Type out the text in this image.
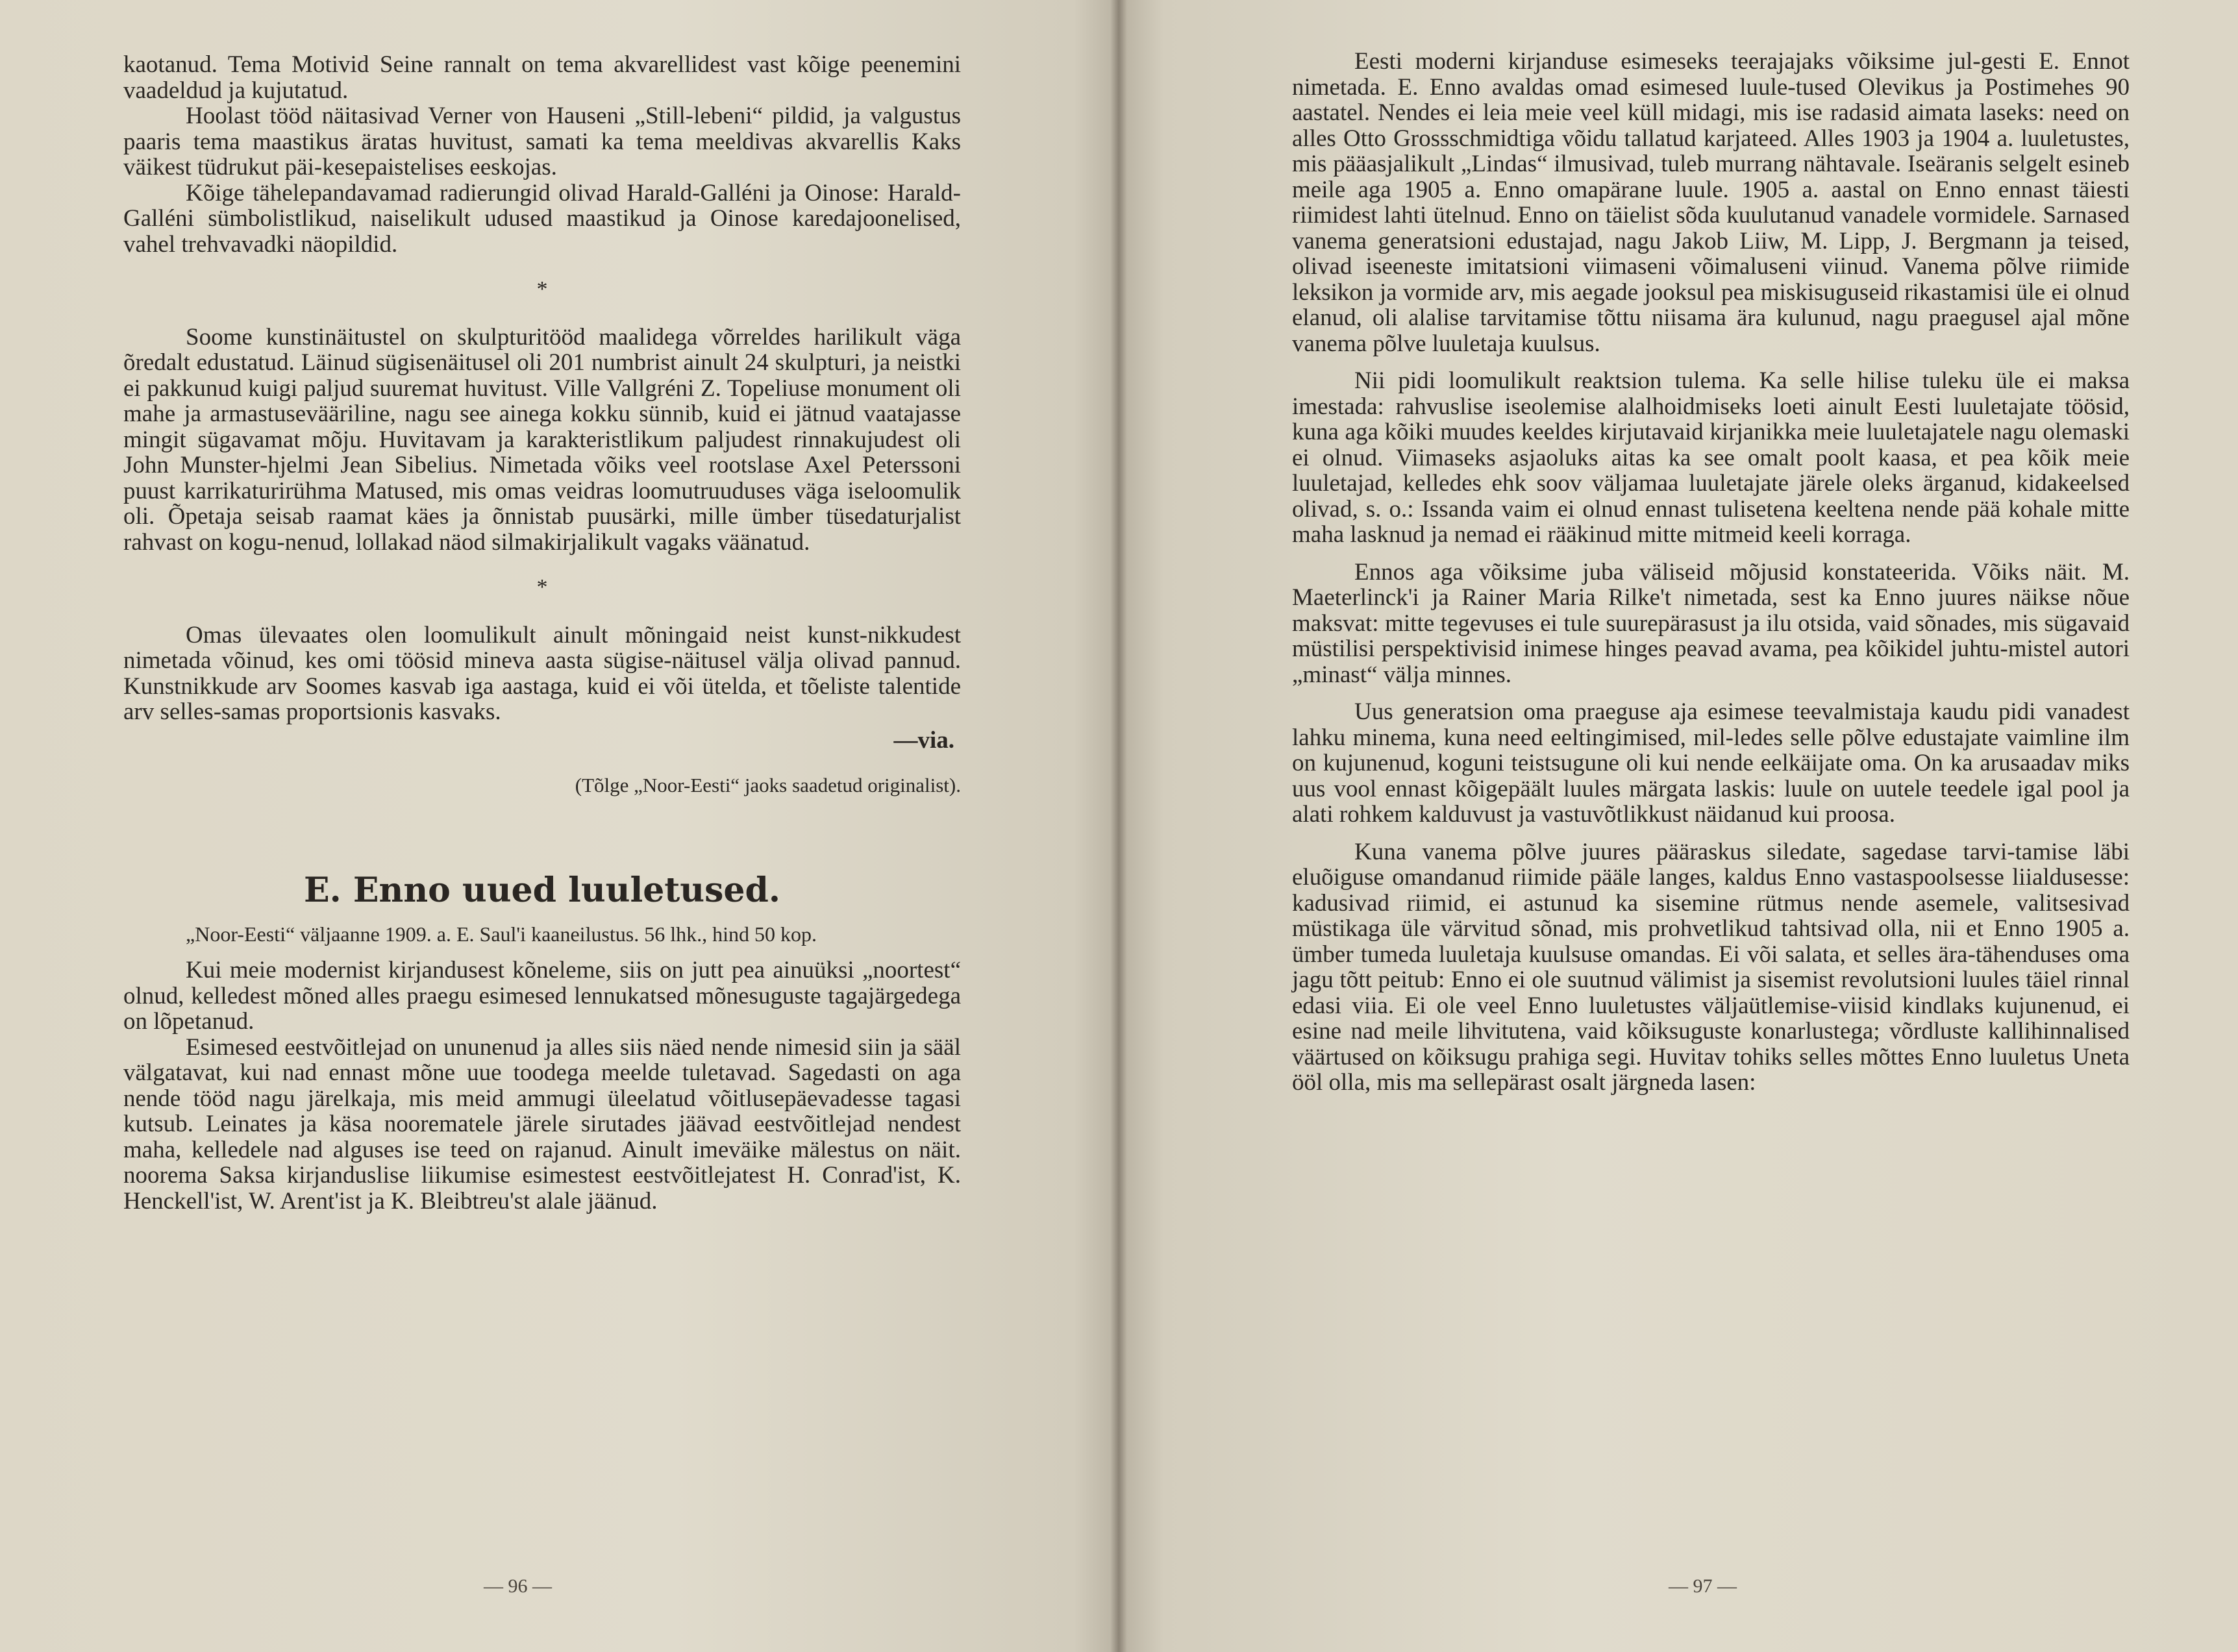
kaotanud. Tema Motivid Seine rannalt on tema akvarellidest vast kõige peenemini vaadeldud ja kujutatud.

Hoolast tööd näitasivad Verner von Hauseni „Still-lebeni“ pildid, ja valgustus paaris tema maastikus äratas huvitust, samati ka tema meeldivas akvarellis Kaks väikest tüdrukut päi-kesepaistelises eeskojas.

Kõige tähelepandavamad radierungid olivad Harald-Galléni ja Oinose: Harald-Galléni sümbolistlikud, naiselikult udused maastikud ja Oinose karedajoonelised, vahel trehvavadki näopildid.

*

Soome kunstinäitustel on skulpturitööd maalidega võrreldes harilikult väga õredalt edustatud. Läinud sügisenäitusel oli 201 numbrist ainult 24 skulpturi, ja neistki ei pakkunud kuigi paljud suuremat huvitust. Ville Vallgréni Z. Topeliuse monument oli mahe ja armastusevääriline, nagu see ainega kokku sünnib, kuid ei jätnud vaatajasse mingit sügavamat mõju. Huvitavam ja karakteristlikum paljudest rinnakujudest oli John Munster-hjelmi Jean Sibelius. Nimetada võiks veel rootslase Axel Peterssoni puust karrikaturirühma Matused, mis omas veidras loomutruuduses väga iseloomulik oli. Õpetaja seisab raamat käes ja õnnistab puusärki, mille ümber tüsedaturjalist rahvast on kogu-nenud, lollakad näod silmakirjalikult vagaks väänatud.

*

Omas ülevaates olen loomulikult ainult mõningaid neist kunst-nikkudest nimetada võinud, kes omi töösid mineva aasta sügise-näitusel välja olivad pannud. Kunstnikkude arv Soomes kasvab iga aastaga, kuid ei või ütelda, et tõeliste talentide arv selles-samas proportsionis kasvaks.

—via.
(Tõlge „Noor-Eesti“ jaoks saadetud originalist).
E. Enno uued luuletused.

„Noor-Eesti“ väljaanne 1909. a. E. Saul'i kaaneilustus. 56 lhk., hind 50 kop.

Kui meie modernist kirjandusest kõneleme, siis on jutt pea ainuüksi „noortest“ olnud, kelledest mõned alles praegu esimesed lennukatsed mõnesuguste tagajärgedega on lõpetanud.

Esimesed eestvõitlejad on ununenud ja alles siis näed nende nimesid siin ja sääl välgatavat, kui nad ennast mõne uue toodega meelde tuletavad. Sagedasti on aga nende tööd nagu järelkaja, mis meid ammugi üleelatud võitlusepäevadesse tagasi kutsub. Leinates ja käsa noorematele järele sirutades jäävad eestvõitlejad nendest maha, kelledele nad alguses ise teed on rajanud. Ainult imeväike mälestus on näit. noorema Saksa kirjanduslise liikumise esimestest eestvõitlejatest H. Conrad'ist, K. Henckell'ist, W. Arent'ist ja K. Bleibtreu'st alale jäänud.

— 96 —

Eesti moderni kirjanduse esimeseks teerajajaks võiksime jul-gesti E. Ennot nimetada. E. Enno avaldas omad esimesed luule-tused Olevikus ja Postimehes 90 aastatel. Nendes ei leia meie veel küll midagi, mis ise radasid aimata laseks: need on alles Otto Grossschmidtiga võidu tallatud karjateed. Alles 1903 ja 1904 a. luuletustes, mis pääasjalikult „Lindas“ ilmusivad, tuleb murrang nähtavale. Iseäranis selgelt esineb meile aga 1905 a. Enno omapärane luule. 1905 a. aastal on Enno ennast täiesti riimidest lahti ütelnud. Enno on täielist sõda kuulutanud vanadele vormidele. Sarnased vanema generatsioni edustajad, nagu Jakob Liiw, M. Lipp, J. Bergmann ja teised, olivad iseeneste imitatsioni viimaseni võimaluseni viinud. Vanema põlve riimide leksikon ja vormide arv, mis aegade jooksul pea miskisuguseid rikastamisi üle ei olnud elanud, oli alalise tarvitamise tõttu niisama ära kulunud, nagu praegusel ajal mõne vanema põlve luuletaja kuulsus.

Nii pidi loomulikult reaktsion tulema. Ka selle hilise tuleku üle ei maksa imestada: rahvuslise iseolemise alalhoidmiseks loeti ainult Eesti luuletajate töösid, kuna aga kõiki muudes keeldes kirjutavaid kirjanikka meie luuletajatele nagu olemaski ei olnud. Viimaseks asjaoluks aitas ka see omalt poolt kaasa, et pea kõik meie luuletajad, kelledes ehk soov väljamaa luuletajate järele oleks ärganud, kidakeelsed olivad, s. o.: Issanda vaim ei olnud ennast tulisetena keeltena nende pää kohale mitte maha lasknud ja nemad ei rääkinud mitte mitmeid keeli korraga.

Ennos aga võiksime juba väliseid mõjusid konstateerida. Võiks näit. M. Maeterlinck'i ja Rainer Maria Rilke't nimetada, sest ka Enno juures näikse nõue maksvat: mitte tegevuses ei tule suurepärasust ja ilu otsida, vaid sõnades, mis sügavaid müstilisi perspektivisid inimese hinges peavad avama, pea kõikidel juhtu-mistel autori „minast“ välja minnes.

Uus generatsion oma praeguse aja esimese teevalmistaja kaudu pidi vanadest lahku minema, kuna need eeltingimised, mil-ledes selle põlve edustajate vaimline ilm on kujunenud, koguni teistsugune oli kui nende eelkäijate oma. On ka arusaadav miks uus vool ennast kõigepäält luules märgata laskis: luule on uutele teedele igal pool ja alati rohkem kalduvust ja vastuvõtlikkust näidanud kui proosa.

Kuna vanema põlve juures pääraskus siledate, sagedase tarvi-tamise läbi eluõiguse omandanud riimide pääle langes, kaldus Enno vastaspoolsesse liialdusesse: kadusivad riimid, ei astunud ka sisemine rütmus nende asemele, valitsesivad müstikaga üle värvitud sõnad, mis prohvetlikud tahtsivad olla, nii et Enno 1905 a. ümber tumeda luuletaja kuulsuse omandas. Ei või salata, et selles ära-tähenduses oma jagu tõtt peitub: Enno ei ole suutnud välimist ja sisemist revolutsioni luules täiel rinnal edasi viia. Ei ole veel Enno luuletustes väljaütlemise-viisid kindlaks kujunenud, ei esine nad meile lihvitutena, vaid kõiksuguste konarlustega; võrdluste kallihinnalised väärtused on kõiksugu prahiga segi. Huvitav tohiks selles mõttes Enno luuletus Uneta ööl olla, mis ma sellepärast osalt järgneda lasen:

— 97 —
